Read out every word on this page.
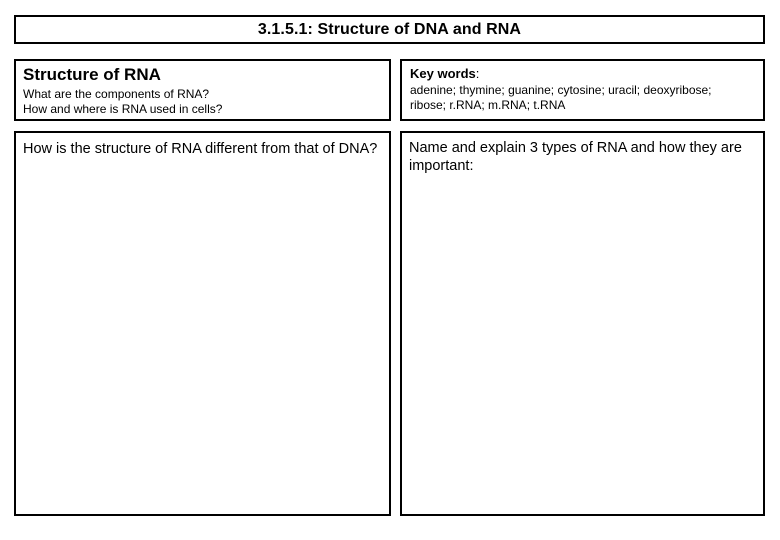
3.1.5.1: Structure of DNA and RNA
Structure of RNA
What are the components of RNA?
How and where is RNA used in cells?
Key words:
adenine; thymine; guanine; cytosine; uracil; deoxyribose;
ribose; r.RNA; m.RNA; t.RNA
How is the structure of RNA different from that of DNA?	Name and explain 3 types of RNA and how they are important:
